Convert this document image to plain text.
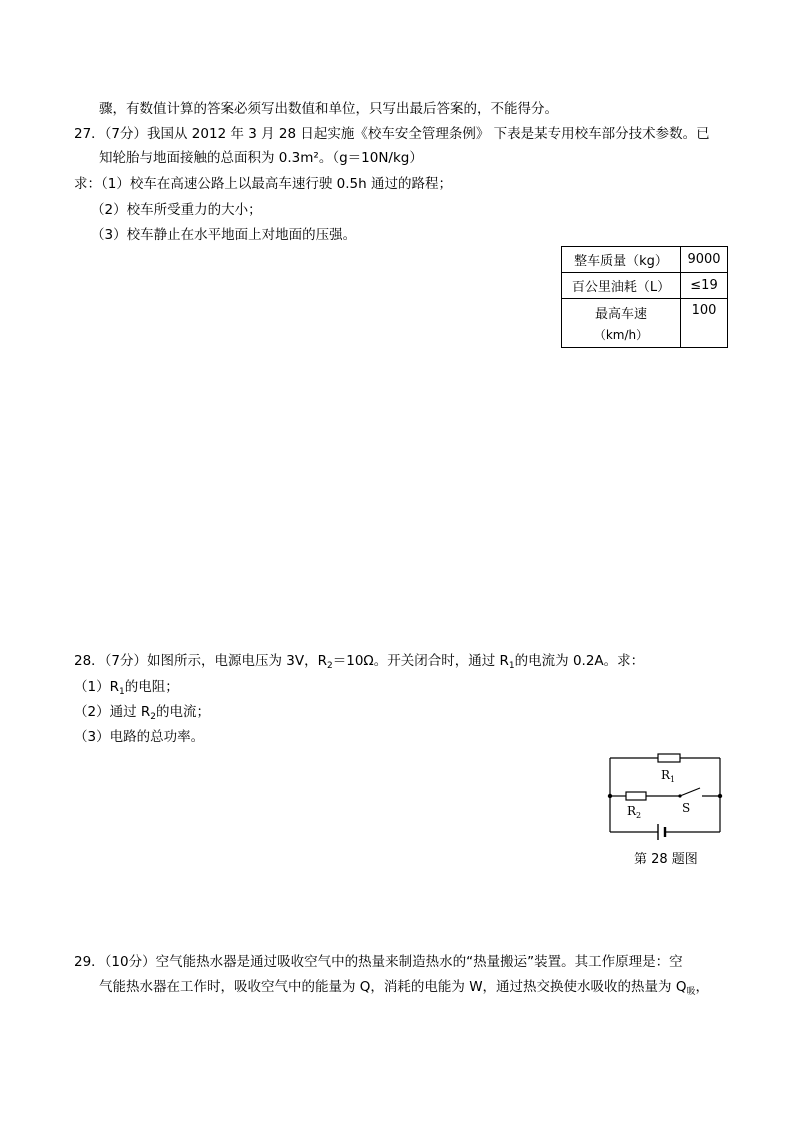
骤，有数值计算的答案必须写出数值和单位，只写出最后答案的，不能得分。
27．（7分）我国从 2012 年 3 月 28 日起实施《校车安全管理条例》 下表是某专用校车部分技术参数。已
知轮胎与地面接触的总面积为 0.3m²。（g＝10N/kg）
求：（1）校车在高速公路上以最高车速行驶 0.5h 通过的路程；
（2）校车所受重力的大小；
（3）校车静止在水平地面上对地面的压强。
整车质量（kg）	9000
百公里油耗（L）	≤19
最高车速
（km/h）	100
28．（7分）如图所示，电源电压为 3V，$R_2=10\Omega$。开关闭合时，通过 $R_1$的电流为 0.2A。求：
$(1)R_1$的电阻；
（2）通过 $R_2$的电流；
（3）电路的总功率。
$R_1$
$R_2$
S
第 28 题图
29．（10分）空气能热水器是通过吸收空气中的热量来制造热水的“热量搬运”装置。其工作原理是：空
气能热水器在工作时，吸收空气中的能量为 Q，消耗的电能为 W，通过热交换使水吸收的热量为 $Q_吸$，
